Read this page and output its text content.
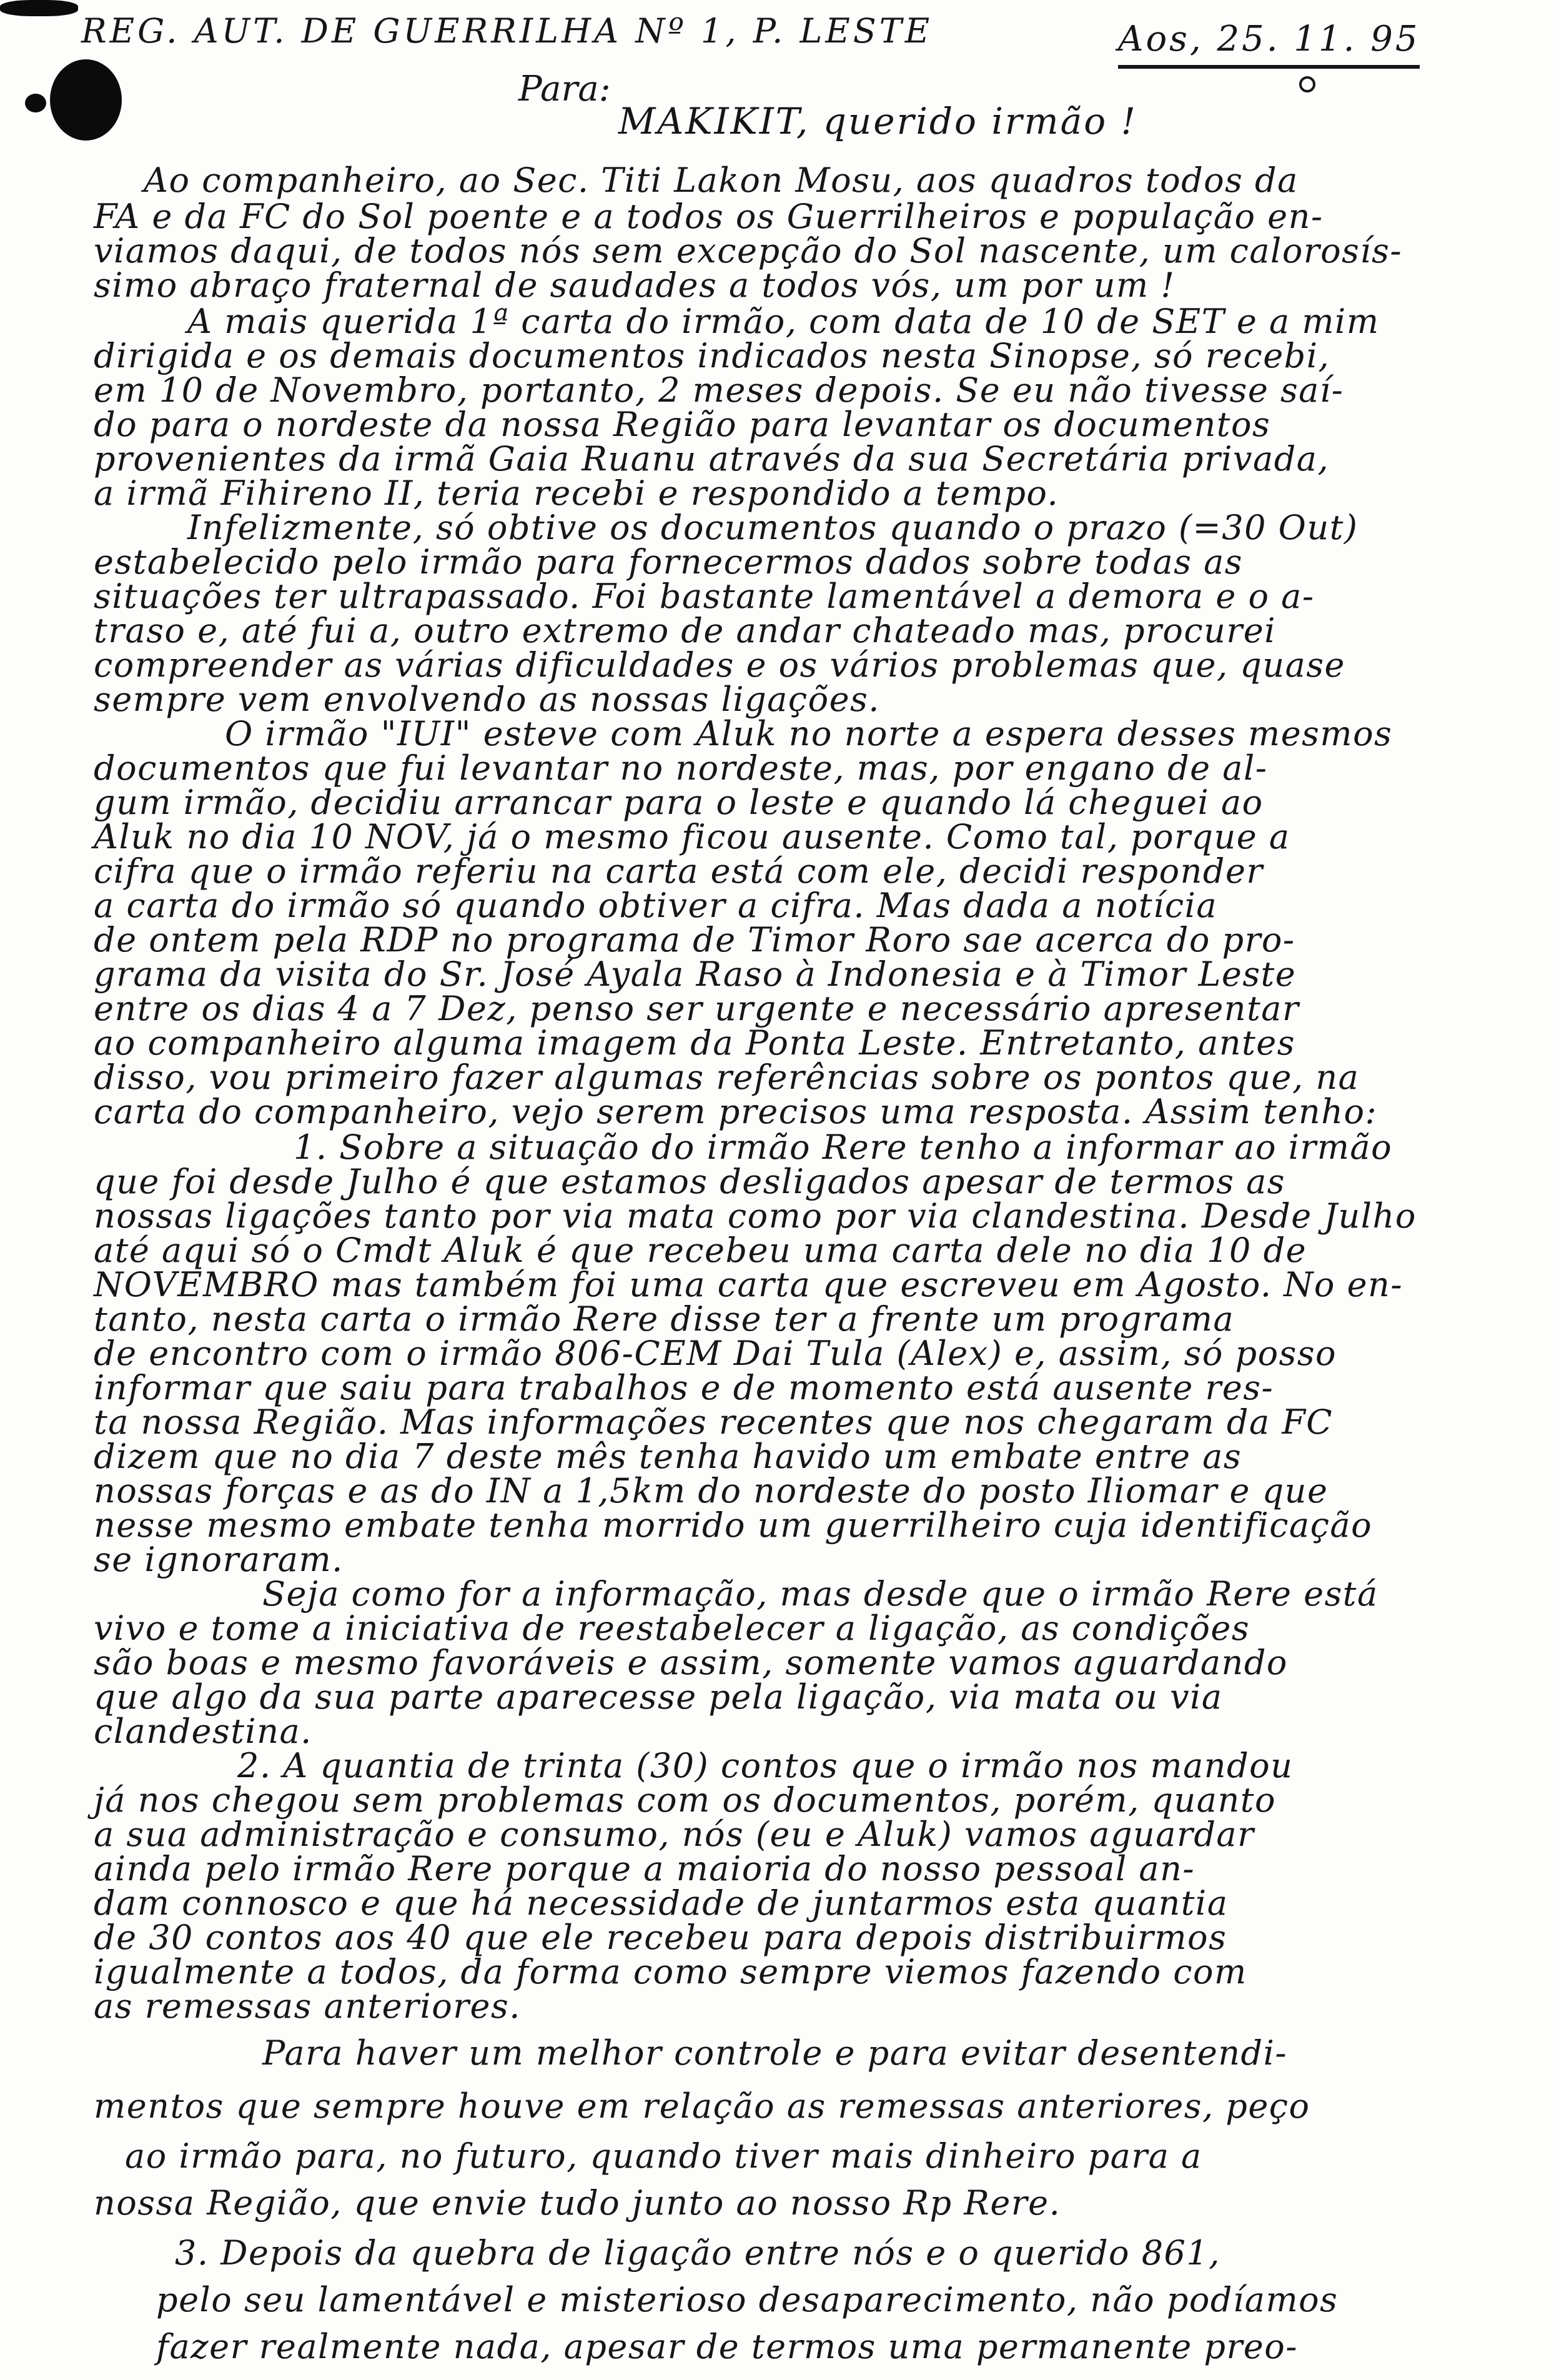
REG. AUT. DE GUERRILHA Nº 1, P. LESTE	Aos, 25. 11. 95
Para:
MAKIKIT, querido irmão !
Ao companheiro, ao Sec. Titi Lakon Mosu, aos quadros todos da
FA e da FC do Sol poente e a todos os Guerrilheiros e população en-
viamos daqui, de todos nós sem excepção do Sol nascente, um calorosís-
simo abraço fraternal de saudades a todos vós, um por um !
A mais querida 1ª carta do irmão, com data de 10 de SET e a mim
dirigida e os demais documentos indicados nesta Sinopse, só recebi,
em 10 de Novembro, portanto, 2 meses depois. Se eu não tivesse saí-
do para o nordeste da nossa Região para levantar os documentos
provenientes da irmã Gaia Ruanu através da sua Secretária privada,
a irmã Fihireno II, teria recebi e respondido a tempo.
Infelizmente, só obtive os documentos quando o prazo (=30 Out)
estabelecido pelo irmão para fornecermos dados sobre todas as
situações ter ultrapassado. Foi bastante lamentável a demora e o a-
traso e, até fui a, outro extremo de andar chateado mas, procurei
compreender as várias dificuldades e os vários problemas que, quase
sempre vem envolvendo as nossas ligações.
O irmão "IUI" esteve com Aluk no norte a espera desses mesmos
documentos que fui levantar no nordeste, mas, por engano de al-
gum irmão, decidiu arrancar para o leste e quando lá cheguei ao
Aluk no dia 10 NOV, já o mesmo ficou ausente. Como tal, porque a
cifra que o irmão referiu na carta está com ele, decidi responder
a carta do irmão só quando obtiver a cifra. Mas dada a notícia
de ontem pela RDP no programa de Timor Roro sae acerca do pro-
grama da visita do Sr. José Ayala Raso à Indonesia e à Timor Leste
entre os dias 4 a 7 Dez, penso ser urgente e necessário apresentar
ao companheiro alguma imagem da Ponta Leste. Entretanto, antes
disso, vou primeiro fazer algumas referências sobre os pontos que, na
carta do companheiro, vejo serem precisos uma resposta. Assim tenho:
1. Sobre a situação do irmão Rere tenho a informar ao irmão
que foi desde Julho é que estamos desligados apesar de termos as
nossas ligações tanto por via mata como por via clandestina. Desde Julho
até aqui só o Cmdt Aluk é que recebeu uma carta dele no dia 10 de
NOVEMBRO mas também foi uma carta que escreveu em Agosto. No en-
tanto, nesta carta o irmão Rere disse ter a frente um programa
de encontro com o irmão 806-CEM Dai Tula (Alex) e, assim, só posso
informar que saiu para trabalhos e de momento está ausente res-
ta nossa Região. Mas informações recentes que nos chegaram da FC
dizem que no dia 7 deste mês tenha havido um embate entre as
nossas forças e as do IN a 1,5km do nordeste do posto Iliomar e que
nesse mesmo embate tenha morrido um guerrilheiro cuja identificação
se ignoraram.
Seja como for a informação, mas desde que o irmão Rere está
vivo e tome a iniciativa de reestabelecer a ligação, as condições
são boas e mesmo favoráveis e assim, somente vamos aguardando
que algo da sua parte aparecesse pela ligação, via mata ou via
clandestina.
2. A quantia de trinta (30) contos que o irmão nos mandou
já nos chegou sem problemas com os documentos, porém, quanto
a sua administração e consumo, nós (eu e Aluk) vamos aguardar
ainda pelo irmão Rere porque a maioria do nosso pessoal an-
dam connosco e que há necessidade de juntarmos esta quantia
de 30 contos aos 40 que ele recebeu para depois distribuirmos
igualmente a todos, da forma como sempre viemos fazendo com
as remessas anteriores.
Para haver um melhor controle e para evitar desentendi-
mentos que sempre houve em relação as remessas anteriores, peço
ao irmão para, no futuro, quando tiver mais dinheiro para a
nossa Região, que envie tudo junto ao nosso Rp Rere.
3. Depois da quebra de ligação entre nós e o querido 861,
pelo seu lamentável e misterioso desaparecimento, não podíamos
fazer realmente nada, apesar de termos uma permanente preo-
